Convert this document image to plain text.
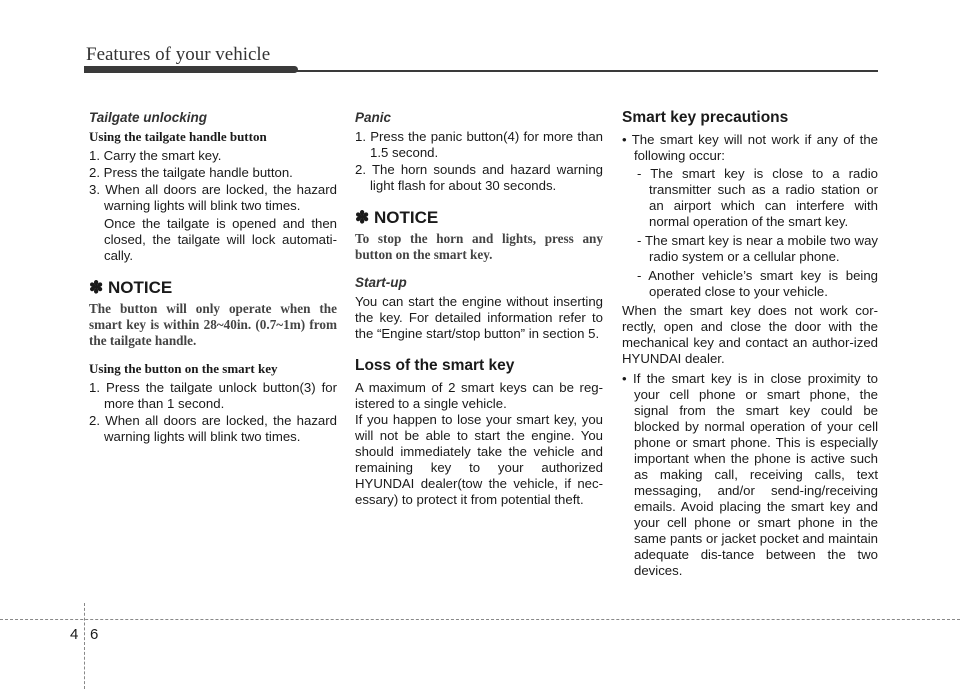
Features of your vehicle

Tailgate unlocking

Using the tailgate handle button

1. Carry the smart key.

2. Press the tailgate handle button.

3. When all doors are locked, the hazard warning lights will blink two times.

Once the tailgate is opened and then closed, the tailgate will lock automati-cally.

✽ NOTICE

The button will only operate when the smart key is within 28~40in. (0.7~1m) from the tailgate handle.

Using the button on the smart key

1. Press the tailgate unlock button(3) for more than 1 second.

2. When all doors are locked, the hazard warning lights will blink two times.

Panic

1. Press the panic button(4) for more than 1.5 second.

2. The horn sounds and hazard warning light flash for about 30 seconds.

✽ NOTICE

To stop the horn and lights, press any button on the smart key.

Start-up

You can start the engine without inserting the key. For detailed information refer to the “Engine start/stop button” in section 5.

Loss of the smart key

A maximum of 2 smart keys can be reg-istered to a single vehicle.

If you happen to lose your smart key, you will not be able to start the engine. You should immediately take the vehicle and remaining key to your authorized HYUNDAI dealer(tow the vehicle, if nec-essary) to protect it from potential theft.

Smart key precautions

• The smart key will not work if any of the following occur:

- The smart key is close to a radio transmitter such as a radio station or an airport which can interfere with normal operation of the smart key.

- The smart key is near a mobile two way radio system or a cellular phone.

- Another vehicle’s smart key is being operated close to your vehicle.

When the smart key does not work cor-rectly, open and close the door with the mechanical key and contact an author-ized HYUNDAI dealer.

• If the smart key is in close proximity to your cell phone or smart phone, the signal from the smart key could be blocked by normal operation of your cell phone or smart phone. This is especially important when the phone is active such as making call, receiving calls, text messaging, and/or send-ing/receiving emails. Avoid placing the smart key and your cell phone or smart phone in the same pants or jacket pocket and maintain adequate dis-tance between the two devices.

4 6
